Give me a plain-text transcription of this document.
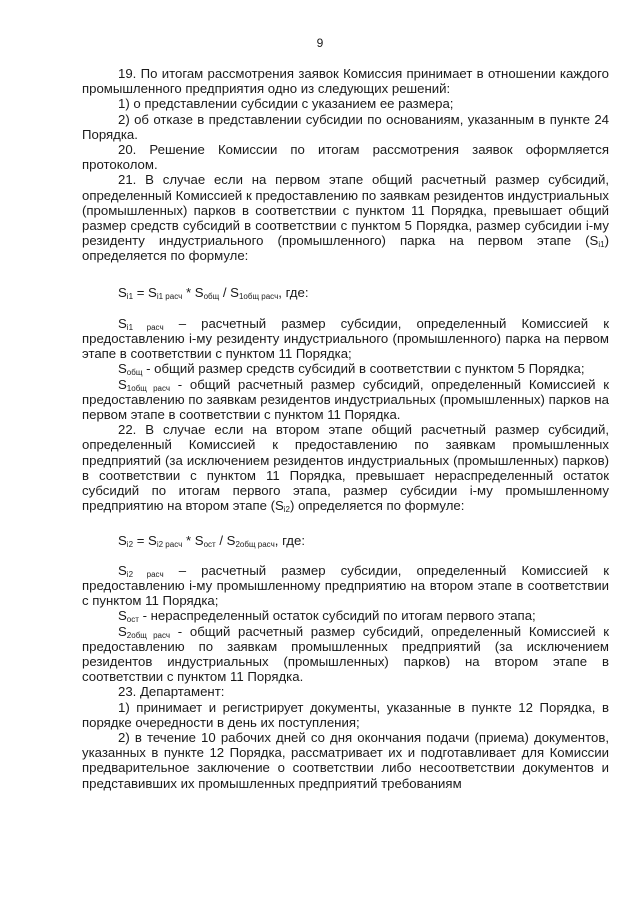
9

19. По итогам рассмотрения заявок Комиссия принимает в отношении каждого промышленного предприятия одно из следующих решений:

1) о представлении субсидии с указанием ее размера;

2) об отказе в представлении субсидии по основаниям, указанным в пункте 24 Порядка.

20. Решение Комиссии по итогам рассмотрения заявок оформляется протоколом.

21. В случае если на первом этапе общий расчетный размер субсидий, определенный Комиссией к предоставлению по заявкам резидентов индустриальных (промышленных) парков в соответствии с пунктом 11 Порядка, превышает общий размер средств субсидий в соответствии с пунктом 5 Порядка, размер субсидии i-му резиденту индустриального (промышленного) парка на первом этапе $(S_{i1})$ определяется по формуле:

$S_{i1} = S_{i1 расч} * S_{общ} / S_{1общ расч}$, где:

$S_{i1 расч}$ – расчетный размер субсидии, определенный Комиссией к предоставлению i-му резиденту индустриального (промышленного) парка на первом этапе в соответствии с пунктом 11 Порядка;

$S_{общ}$ - общий размер средств субсидий в соответствии с пунктом 5 Порядка;

$S_{1общ расч}$ - общий расчетный размер субсидий, определенный Комиссией к предоставлению по заявкам резидентов индустриальных (промышленных) парков на первом этапе в соответствии с пунктом 11 Порядка.

22. В случае если на втором этапе общий расчетный размер субсидий, определенный Комиссией к предоставлению по заявкам промышленных предприятий (за исключением резидентов индустриальных (промышленных) парков) в соответствии с пунктом 11 Порядка, превышает нераспределенный остаток субсидий по итогам первого этапа, размер субсидии i-му промышленному предприятию на втором этапе $(S_{i2})$ определяется по формуле:

$S_{i2} = S_{i2 расч} * S_{ост} / S_{2общ расч}$, где:

$S_{i2 расч}$ – расчетный размер субсидии, определенный Комиссией к предоставлению i-му промышленному предприятию на втором этапе в соответствии с пунктом 11 Порядка;

$S_{ост}$ - нераспределенный остаток субсидий по итогам первого этапа;

$S_{2общ расч}$ - общий расчетный размер субсидий, определенный Комиссией к предоставлению по заявкам промышленных предприятий (за исключением резидентов индустриальных (промышленных) парков) на втором этапе в соответствии с пунктом 11 Порядка.

23. Департамент:

1) принимает и регистрирует документы, указанные в пункте 12 Порядка, в порядке очередности в день их поступления;

2) в течение 10 рабочих дней со дня окончания подачи (приема) документов, указанных в пункте 12 Порядка, рассматривает их и подготавливает для Комиссии предварительное заключение о соответствии либо несоответствии документов и представивших их промышленных предприятий требованиям
